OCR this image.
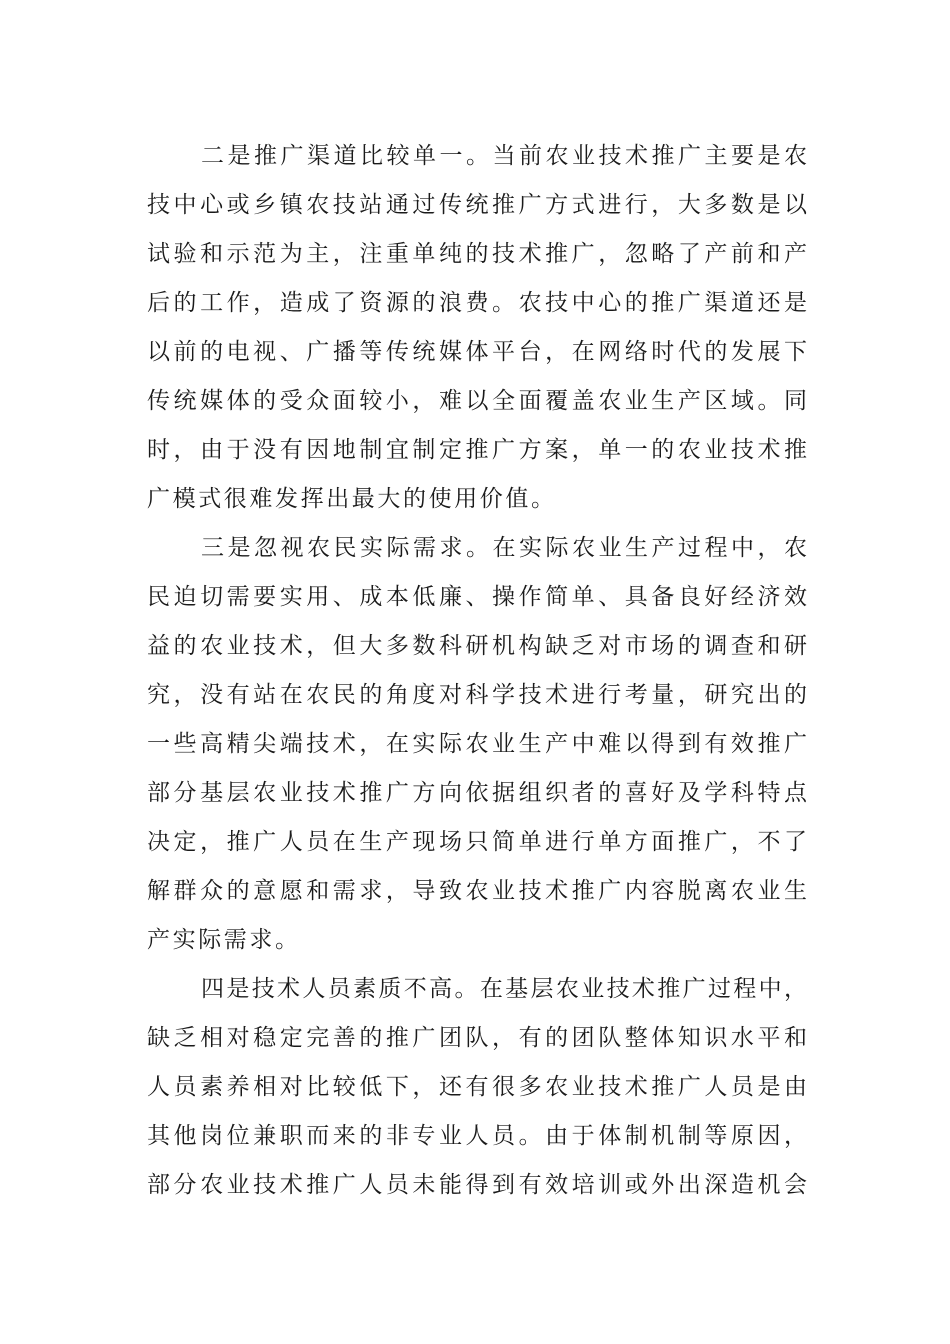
二是推广渠道比较单一。当前农业技术推广主要是农
技中心或乡镇农技站通过传统推广方式进行，大多数是以
试验和示范为主，注重单纯的技术推广，忽略了产前和产
后的工作，造成了资源的浪费。农技中心的推广渠道还是
以前的电视、广播等传统媒体平台，在网络时代的发展下
传统媒体的受众面较小，难以全面覆盖农业生产区域。同
时，由于没有因地制宜制定推广方案，单一的农业技术推
广模式很难发挥出最大的使用价值。
三是忽视农民实际需求。在实际农业生产过程中，农
民迫切需要实用、成本低廉、操作简单、具备良好经济效
益的农业技术，但大多数科研机构缺乏对市场的调查和研
究，没有站在农民的角度对科学技术进行考量，研究出的
一些高精尖端技术，在实际农业生产中难以得到有效推广
部分基层农业技术推广方向依据组织者的喜好及学科特点
决定，推广人员在生产现场只简单进行单方面推广，不了
解群众的意愿和需求，导致农业技术推广内容脱离农业生
产实际需求。
四是技术人员素质不高。在基层农业技术推广过程中，
缺乏相对稳定完善的推广团队，有的团队整体知识水平和
人员素养相对比较低下，还有很多农业技术推广人员是由
其他岗位兼职而来的非专业人员。由于体制机制等原因，
部分农业技术推广人员未能得到有效培训或外出深造机会
